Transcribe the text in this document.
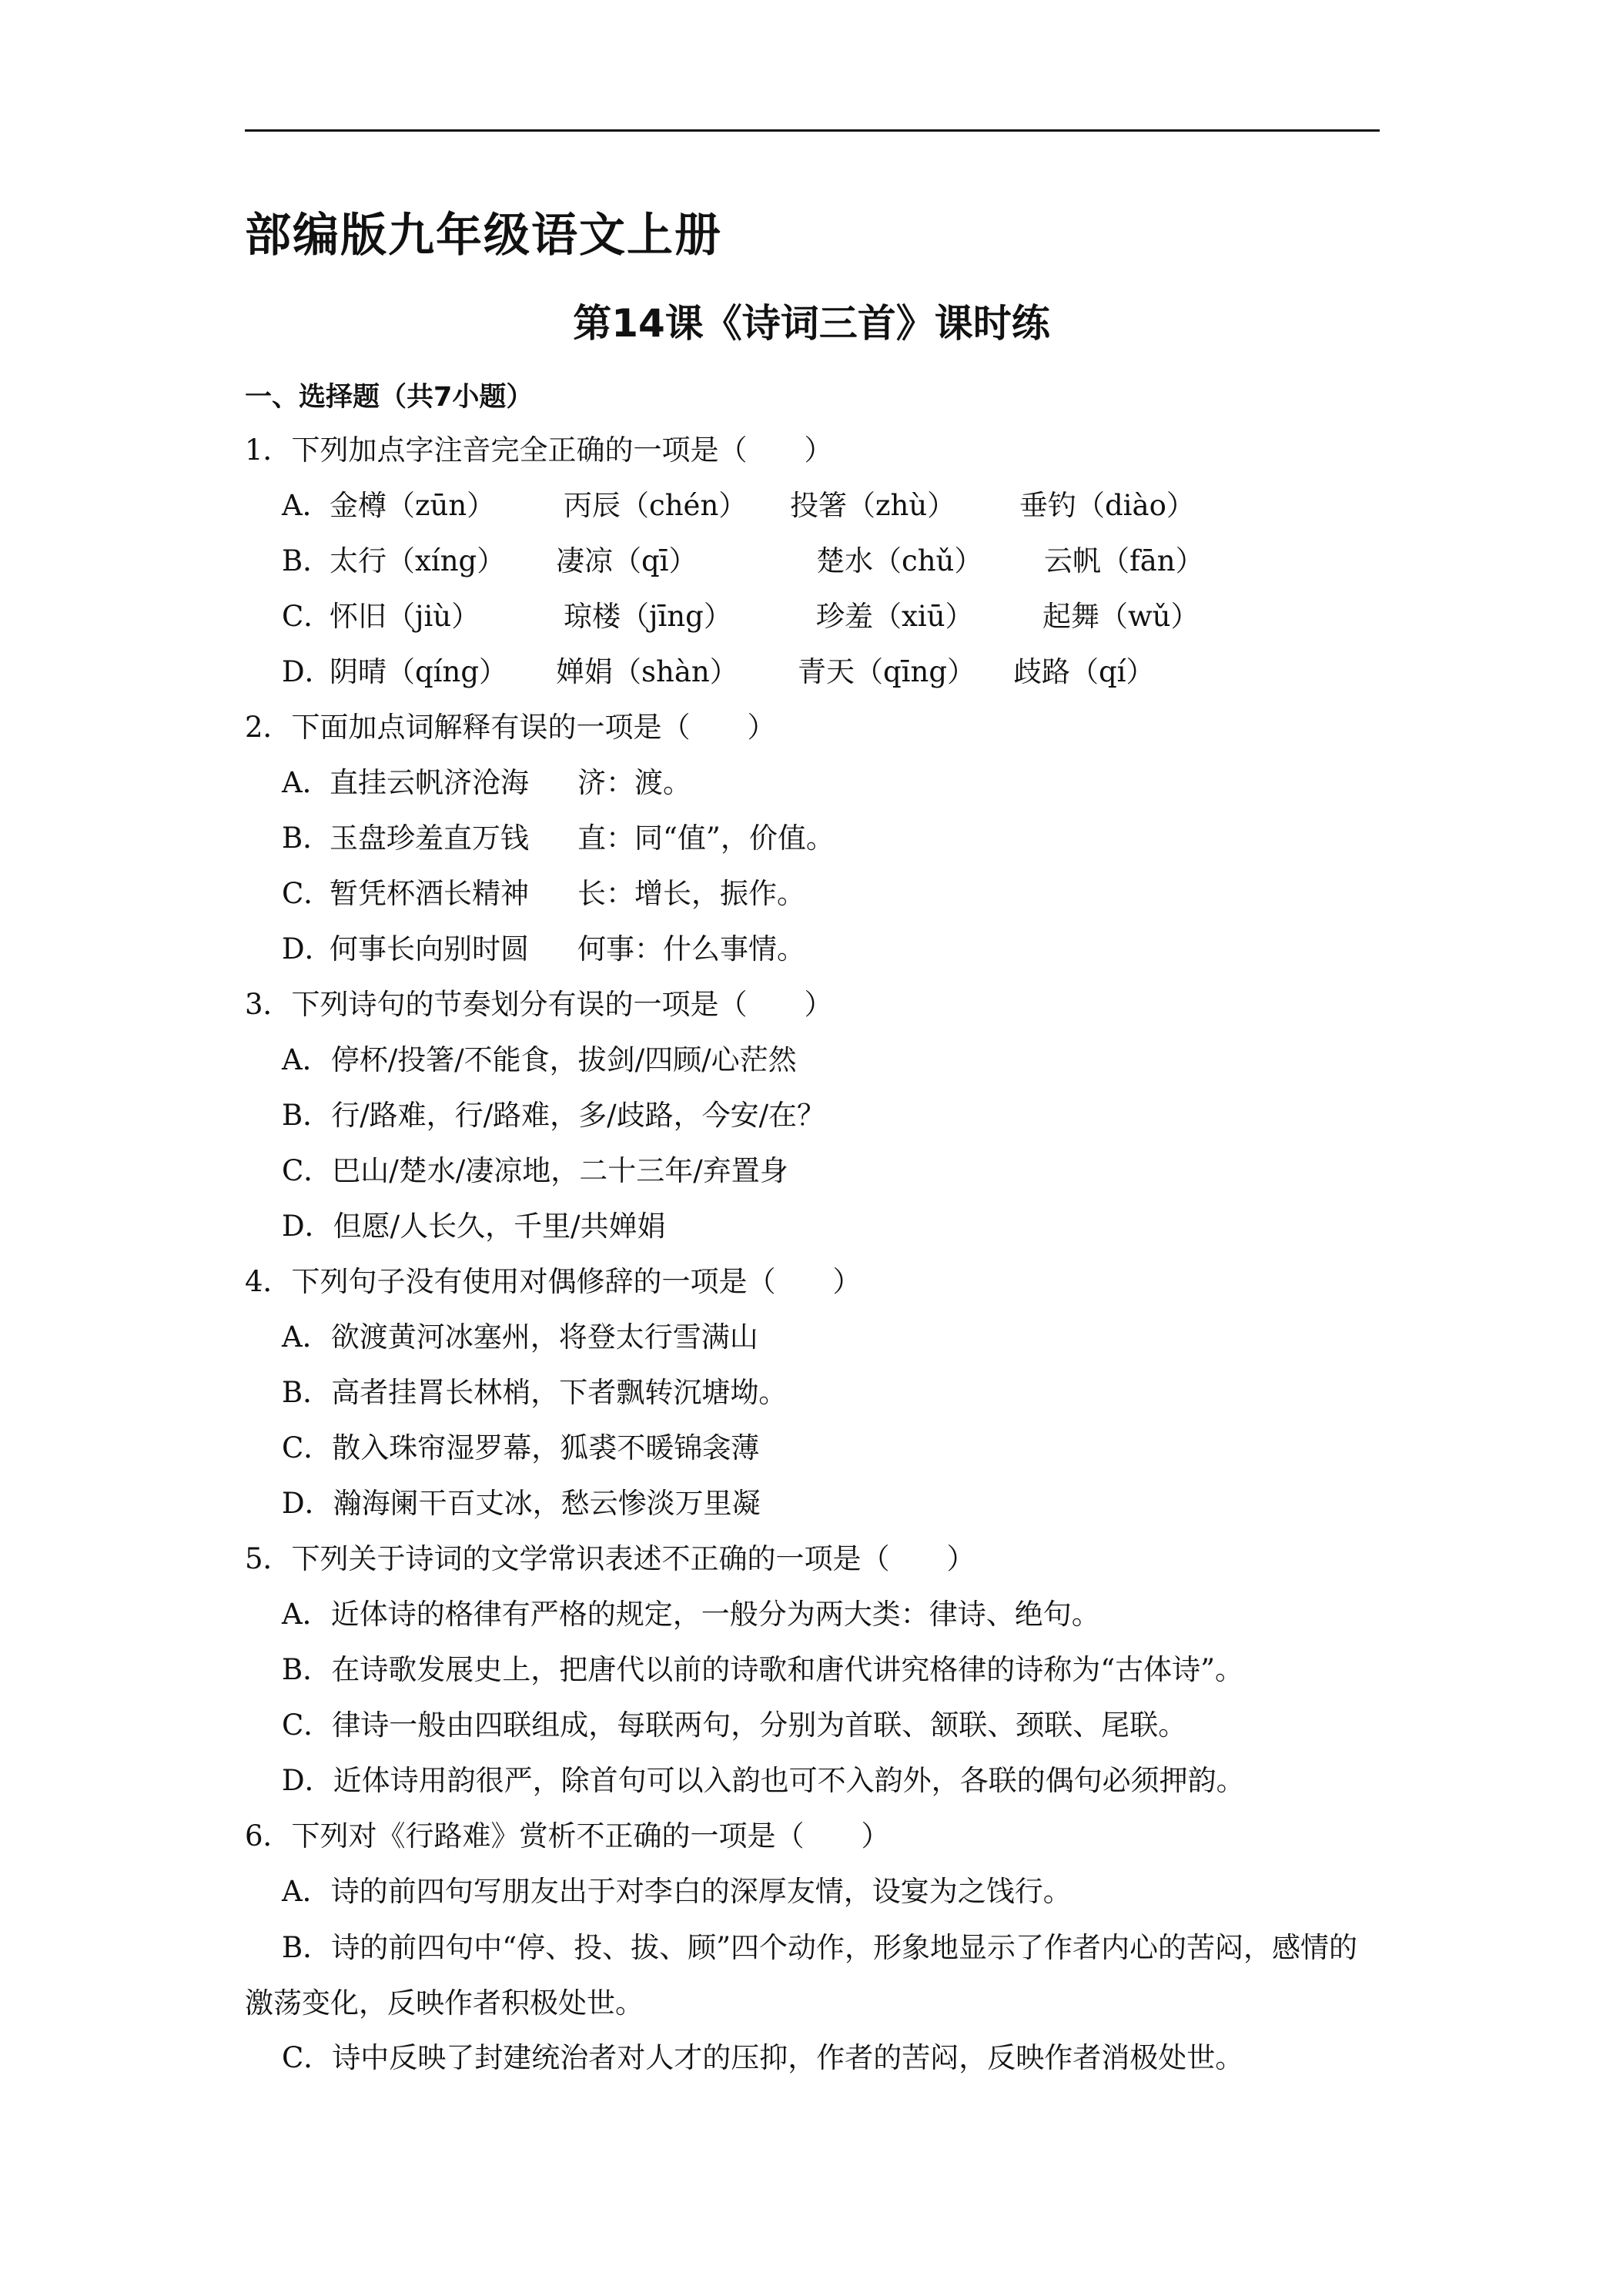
部编版九年级语文上册
第14课《诗词三首》课时练
一、选择题（共7小题）
1．下列加点字注音完全正确的一项是（　　）
A．
金樽（zūn） 丙辰（chén） 投箸（zhù） 垂钓（diào）
B．
太行（xíng） 凄凉（qī）	楚水（chǔ） 云帆（fān）
C．
怀旧（jiù）	琼楼（jīng）	珍羞（xiū） 起舞（wǔ）
D．
阴晴（qíng） 婵娟（shàn） 青天（qīng） 歧路（qí）
2．下面加点词解释有误的一项是（　　）
A．
直挂云帆济沧海 济：渡。
B．
玉盘珍羞直万钱 直：同“值”，价值。
C．
暂凭杯酒长精神 长：增长，振作。
D．
何事长向别时圆 何事：什么事情。
3．下列诗句的节奏划分有误的一项是（　　）
A．停杯/投箸/不能食，拔剑/四顾/心茫然
B．行/路难，行/路难，多/歧路，今安/在？
C．巴山/楚水/凄凉地，二十三年/弃置身
D．但愿/人长久，千里/共婵娟
4．下列句子没有使用对偶修辞的一项是（　　）
A．欲渡黄河冰塞州，将登太行雪满山
B．高者挂罥长林梢，下者飘转沉塘坳。
C．散入珠帘湿罗幕，狐裘不暖锦衾薄
D．瀚海阑干百丈冰，愁云惨淡万里凝
5．下列关于诗词的文学常识表述不正确的一项是（　　）
A．近体诗的格律有严格的规定，一般分为两大类：律诗、绝句。
B．在诗歌发展史上，把唐代以前的诗歌和唐代讲究格律的诗称为“古体诗”。
C．律诗一般由四联组成，每联两句，分别为首联、颔联、颈联、尾联。
D．近体诗用韵很严，除首句可以入韵也可不入韵外，各联的偶句必须押韵。
6．下列对《行路难》赏析不正确的一项是（　　）
A．诗的前四句写朋友出于对李白的深厚友情，设宴为之饯行。
B．诗的前四句中“停、投、拔、顾”四个动作，形象地显示了作者内心的苦闷，感情的激荡变化，反映作者积极处世。
C．诗中反映了封建统治者对人才的压抑，作者的苦闷，反映作者消极处世。
